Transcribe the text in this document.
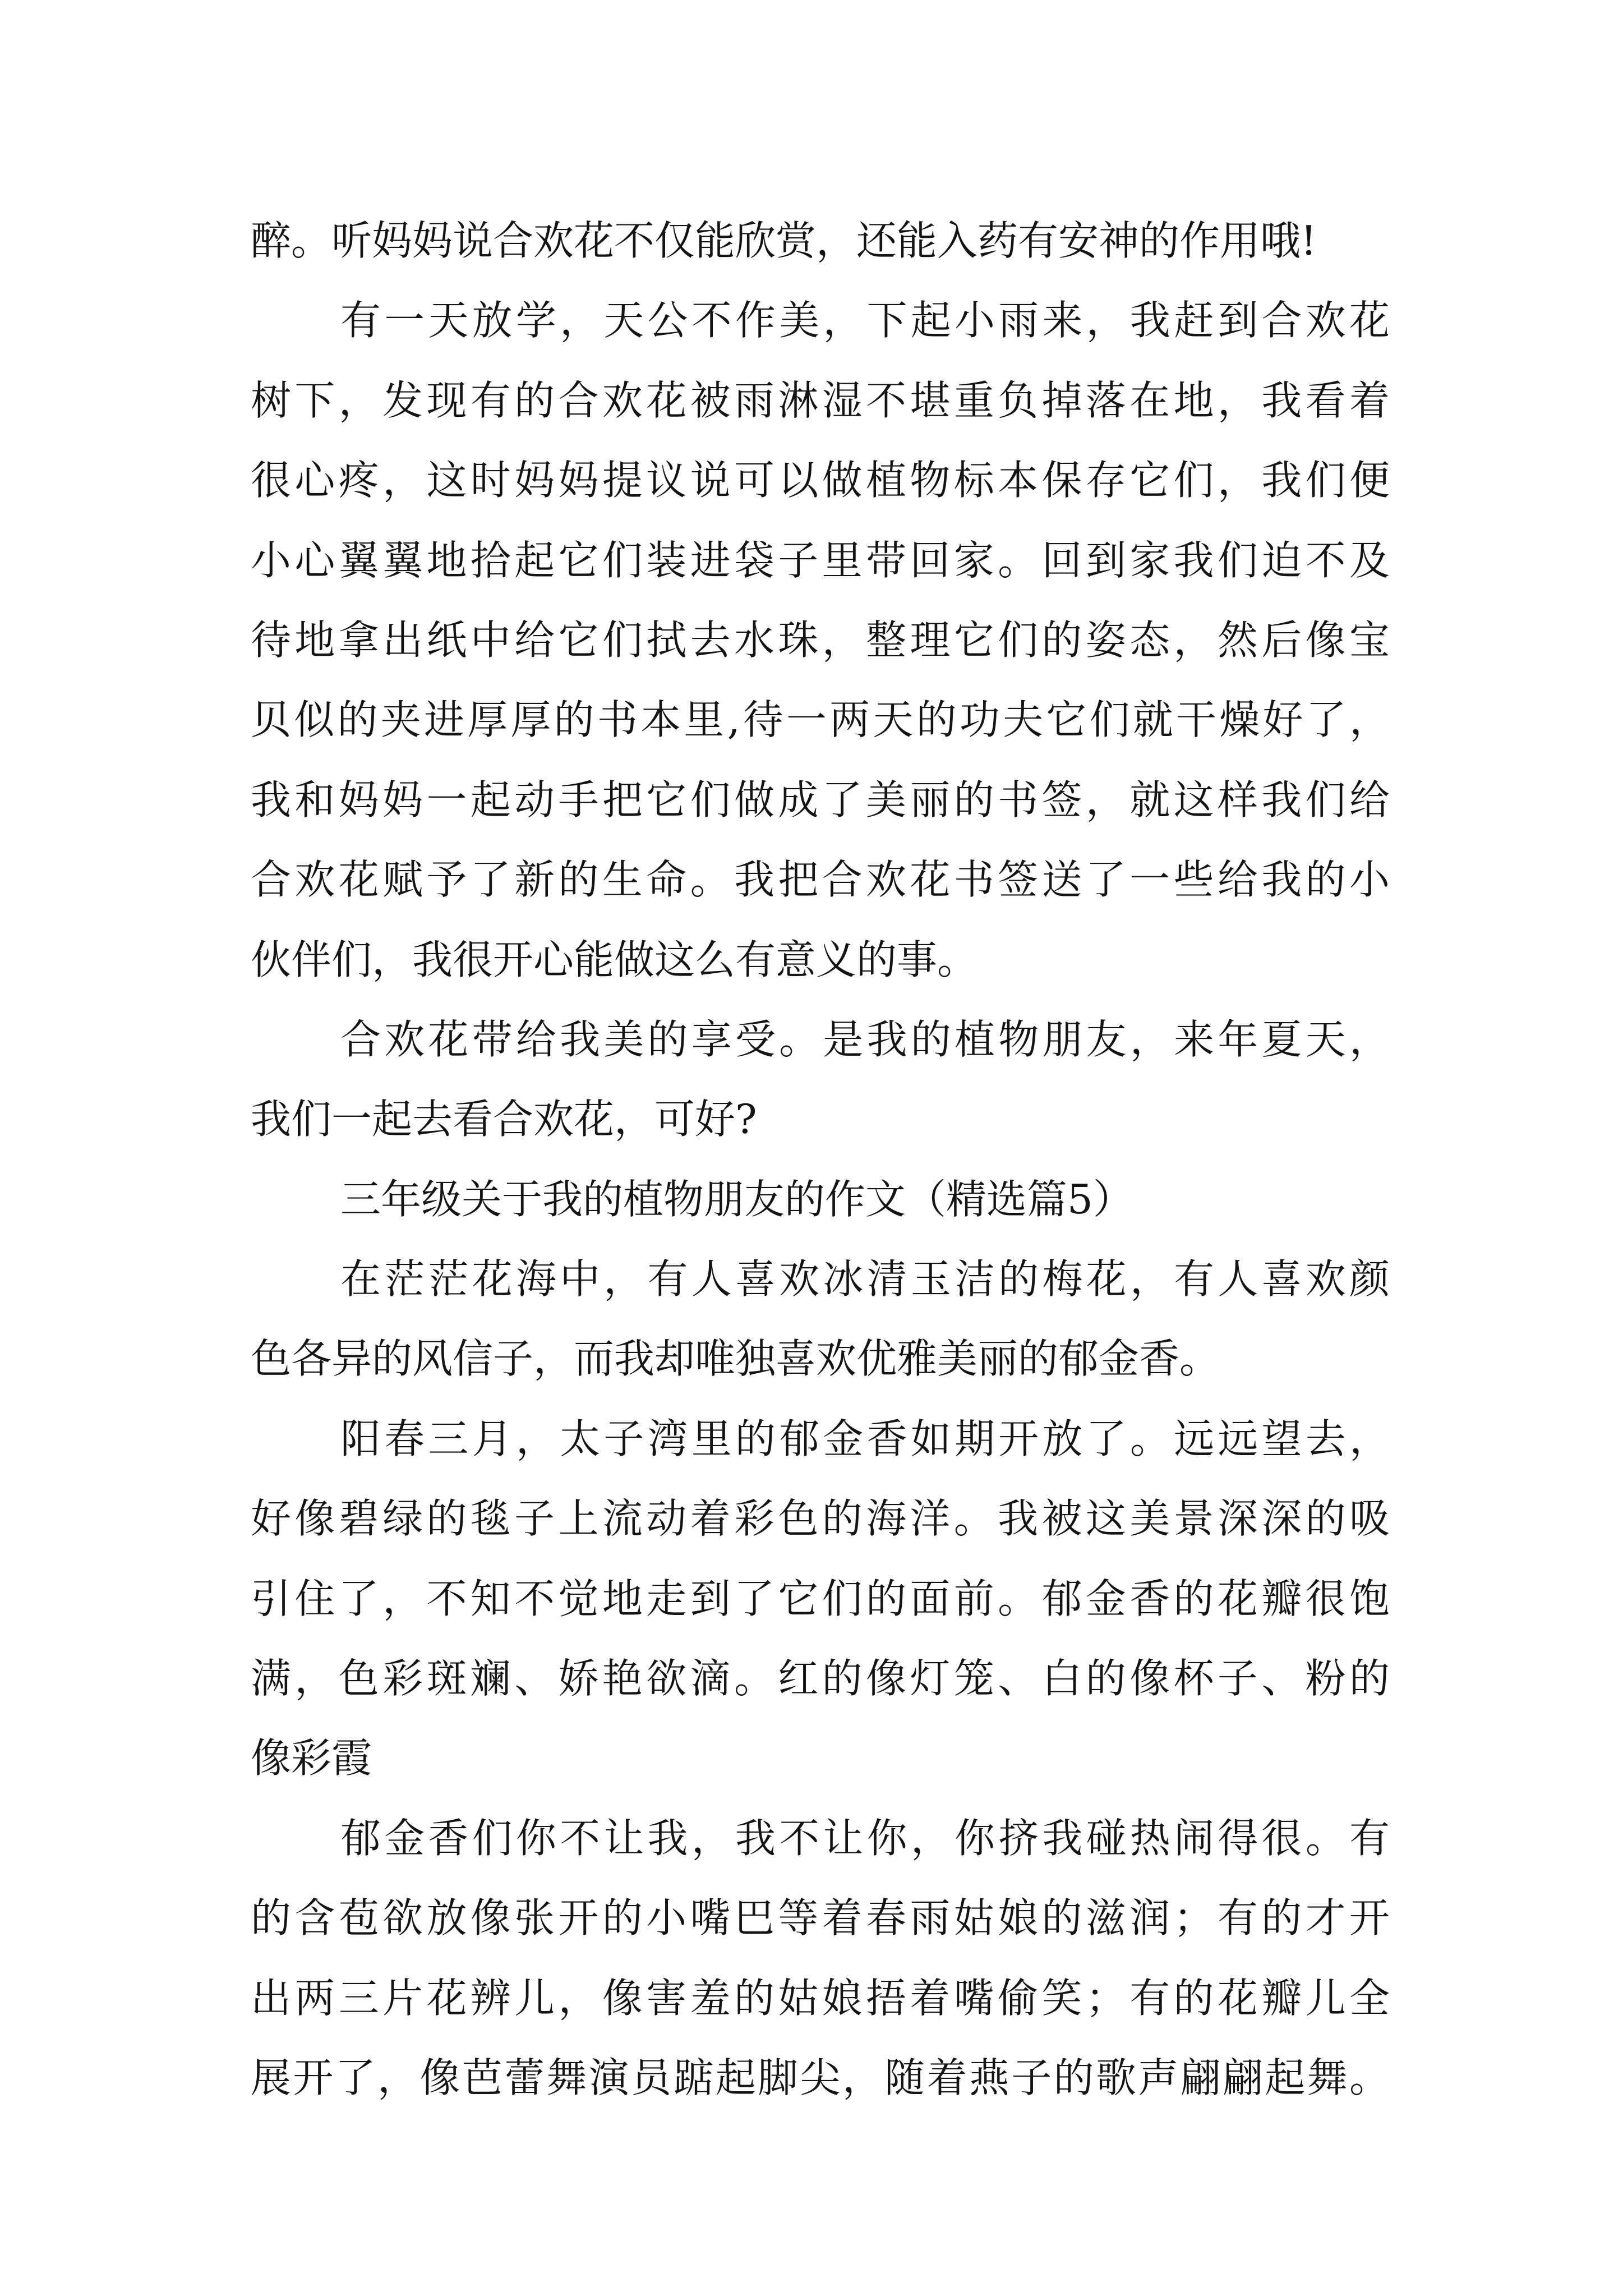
醉。听妈妈说合欢花不仅能欣赏，还能入药有安神的作用哦!
有一天放学，天公不作美，下起小雨来，我赶到合欢花
树下，发现有的合欢花被雨淋湿不堪重负掉落在地，我看着
很心疼，这时妈妈提议说可以做植物标本保存它们，我们便
小心翼翼地拾起它们装进袋子里带回家。回到家我们迫不及
待地拿出纸中给它们拭去水珠，整理它们的姿态，然后像宝
贝似的夹进厚厚的书本里,待一两天的功夫它们就干燥好了，
我和妈妈一起动手把它们做成了美丽的书签，就这样我们给
合欢花赋予了新的生命。我把合欢花书签送了一些给我的小
伙伴们，我很开心能做这么有意义的事。
合欢花带给我美的享受。是我的植物朋友，来年夏天，
我们一起去看合欢花，可好?
三年级关于我的植物朋友的作文（精选篇5）
在茫茫花海中，有人喜欢冰清玉洁的梅花，有人喜欢颜
色各异的风信子，而我却唯独喜欢优雅美丽的郁金香。
阳春三月，太子湾里的郁金香如期开放了。远远望去，
好像碧绿的毯子上流动着彩色的海洋。我被这美景深深的吸
引住了，不知不觉地走到了它们的面前。郁金香的花瓣很饱
满，色彩斑斓、娇艳欲滴。红的像灯笼、白的像杯子、粉的
像彩霞
郁金香们你不让我，我不让你，你挤我碰热闹得很。有
的含苞欲放像张开的小嘴巴等着春雨姑娘的滋润；有的才开
出两三片花辨儿，像害羞的姑娘捂着嘴偷笑；有的花瓣儿全
展开了，像芭蕾舞演员踮起脚尖，随着燕子的歌声翩翩起舞。
